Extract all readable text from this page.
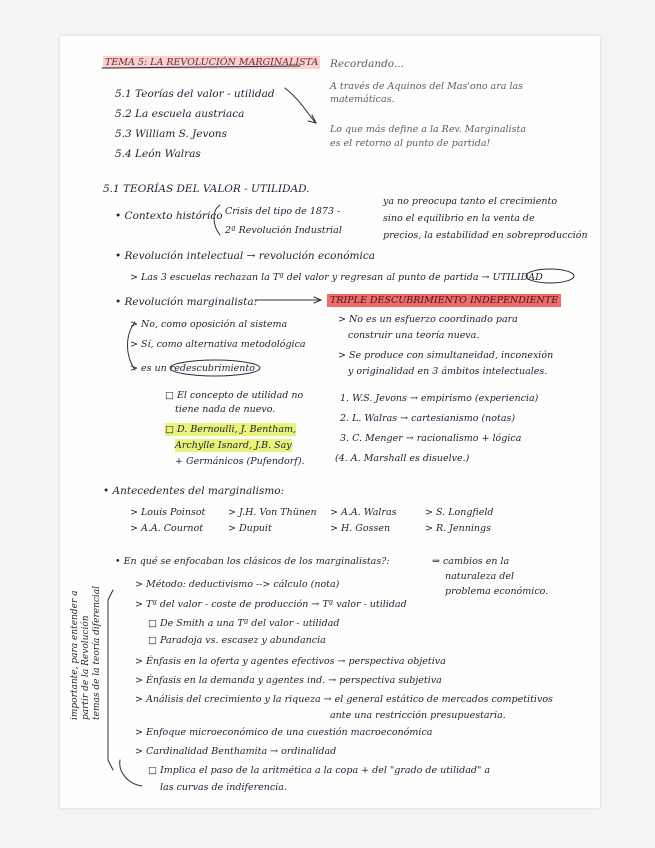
TEMA 5: LA REVOLUCIÓN MARGINALISTA
5.1 Teorías del valor - utilidad
5.2 La escuela austriaca
5.3 William S. Jevons
5.4 León Walras
Recordando...
A través de Aquinos del Mas'ono ara las matemáticas.
Lo que más define a la Rev. Marginalista
es el retorno al punto de partida!
5.1 TEORÍAS DEL VALOR - UTILIDAD.
• Contexto histórico Crisis del tipo de 1873 -
2ª Revolución Industrial
ya no preocupa tanto el crecimiento
sino el equilibrio en la venta de
precios, la estabilidad en sobreproducción
• Revolución intelectual → revolución económica
> Las 3 escuelas rechazan la Tª del valor y regresan al punto de partida → UTILIDAD
• Revolución marginalista:	TRIPLE DESCUBRIMIENTO INDEPENDIENTE
> No, como oposición al sistema
> Sí, como alternativa metodológica
> es un redescubrimiento
> No es un esfuerzo coordinado para
construir una teoría nueva.
> Se produce con simultaneidad, inconexión
y originalidad en 3 ámbitos intelectuales.
□ El concepto de utilidad no
tiene nada de nuevo.
□ D. Bernoulli, J. Bentham,
Archylle Isnard, J.B. Say
+ Germánicos (Pufendorf).
1. W.S. Jevons → empirismo (experiencia)
2. L. Walras → cartesianismo (notas)
3. C. Menger → racionalismo + lógica
(4. A. Marshall es disuelve.)
• Antecedentes del marginalismo:
> Louis Poinsot > J.H. Von Thünen > A.A. Walras	> S. Longfield
> A.A. Cournot	> Dupuit	> H. Gossen	> R. Jennings
• En qué se enfocaban los clásicos de los marginalistas?:	⇒ cambios en la
naturaleza del
problema económico.
> Método: deductivismo --> cálculo (nota)
> Tª del valor - coste de producción → Tª valor - utilidad
□ De Smith a una Tª del valor - utilidad
□ Paradoja vs. escasez y abundancia
> Énfasis en la oferta y agentes efectivos → perspectiva objetiva
> Énfasis en la demanda y agentes ind. → perspectiva subjetiva
> Análisis del crecimiento y la riqueza → el general estático de mercados competitivos
ante una restricción presupuestaria.
> Enfoque microeconómico de una cuestión macroeconómica
> Cardinalidad Benthamita → ordinalidad
□ Implica el paso de la aritmética a la copa + del "grado de utilidad" a
las curvas de indiferencia.
importante, para entender a partir de la Revolución temas de la teoría diferencial
